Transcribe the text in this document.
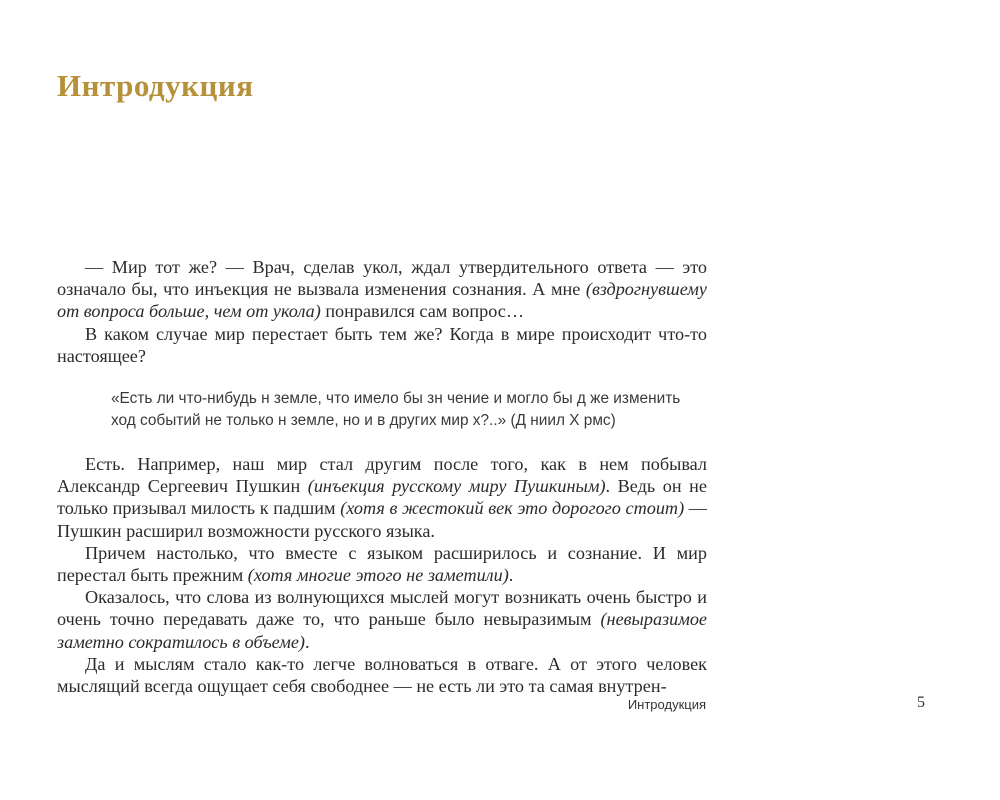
Интродукция

— Мир тот же? — Врач, сделав укол, ждал утвердительного ответа — это означало бы, что инъекция не вызвала изменения сознания. А мне (вздрогнувшему от вопроса больше, чем от укола) понравился сам вопрос…

В каком случае мир перестает быть тем же? Когда в мире происходит что-то настоящее?

«Есть ли что-нибудь н земле, что имело бы зн чение и могло бы д же изменить ход событий не только н земле, но и в других мир х?..» (Д ниил Х рмс)

Есть. Например, наш мир стал другим после того, как в нем побывал Александр Сергеевич Пушкин (инъекция русскому миру Пушкиным). Ведь он не только призывал милость к падшим (хотя в жестокий век это дорогого стоит) — Пушкин расширил возможности русского языка.

Причем настолько, что вместе с языком расширилось и сознание. И мир перестал быть прежним (хотя многие этого не заметили).

Оказалось, что слова из волнующихся мыслей могут возникать очень быстро и очень точно передавать даже то, что раньше было невыразимым (невыразимое заметно сократилось в объеме).

Да и мыслям стало как-то легче волноваться в отваге. А от этого человек мыслящий всегда ощущает себя свободнее — не есть ли это та самая внутрен-

Интродукция	5
